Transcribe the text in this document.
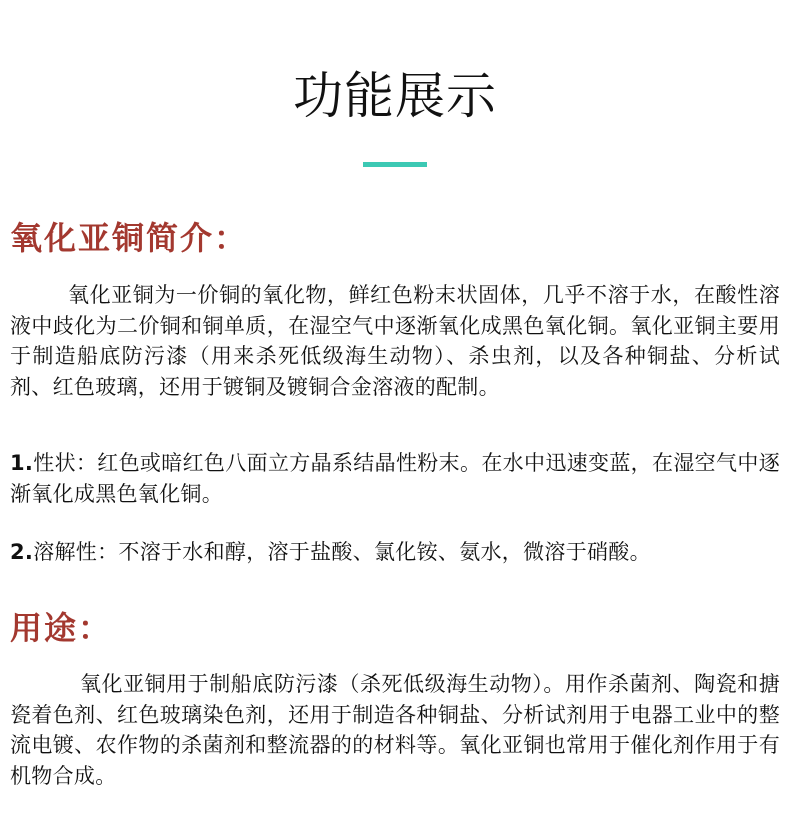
功能展示
氧化亚铜简介：
氧化亚铜为一价铜的氧化物，鲜红色粉末状固体，几乎不溶于水，在酸性溶液中歧化为二价铜和铜单质，在湿空气中逐渐氧化成黑色氧化铜。氧化亚铜主要用于制造船底防污漆（用来杀死低级海生动物）、杀虫剂，以及各种铜盐、分析试剂、红色玻璃，还用于镀铜及镀铜合金溶液的配制。
1.性状：红色或暗红色八面立方晶系结晶性粉末。在水中迅速变蓝，在湿空气中逐渐氧化成黑色氧化铜。
2.溶解性：不溶于水和醇，溶于盐酸、氯化铵、氨水，微溶于硝酸。
用途：
氧化亚铜用于制船底防污漆（杀死低级海生动物）。用作杀菌剂、陶瓷和搪瓷着色剂、红色玻璃染色剂，还用于制造各种铜盐、分析试剂用于电器工业中的整流电镀、农作物的杀菌剂和整流器的的材料等。氧化亚铜也常用于催化剂作用于有机物合成。
